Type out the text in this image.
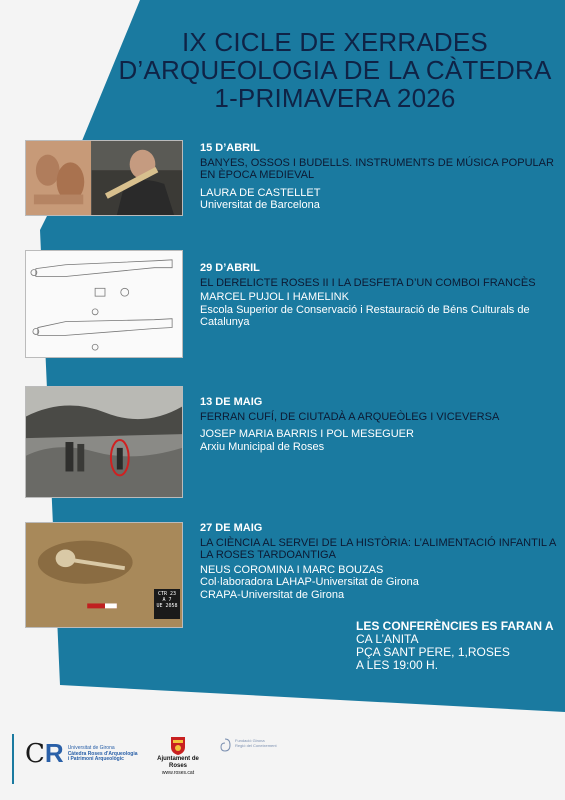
IX CICLE DE XERRADES
D’ARQUEOLOGIA DE LA CÀTEDRA
1-PRIMAVERA 2026
CTR 23
A 7
UE 2058
15 D’ABRIL
BANYES, OSSOS I BUDELLS. INSTRUMENTS DE MÚSICA POPULAR EN ÈPOCA MEDIEVAL
LAURA DE CASTELLET
Universitat de Barcelona
29 D’ABRIL
EL DERELICTE ROSES II I LA DESFETA D’UN COMBOI FRANCÈS
MARCEL PUJOL I HAMELINK
Escola Superior de Conservació i Restauració de Béns Culturals de Catalunya
13 DE MAIG
FERRAN CUFÍ, DE CIUTADÀ A ARQUEÒLEG I VICEVERSA
JOSEP MARIA BARRIS I POL MESEGUER
Arxiu Municipal de Roses
27 DE MAIG
LA CIÈNCIA AL SERVEI DE LA HISTÒRIA: L’ALIMENTACIÓ INFANTIL A LA ROSES TARDOANTIGA
NEUS COROMINA I MARC BOUZAS
Col·laboradora LAHAP-Universitat de Girona
CRAPA-Universitat de Girona
LES CONFERÈNCIES ES FARAN A
CA L’ANITA
PÇA SANT PERE, 1,ROSES
A LES 19:00 H.
CR Universitat de Girona
Càtedra Roses d'Arqueologia
i Patrimoni Arqueològic	Ajuntament de Roses
www.roses.cat
Fundació Girona
Regió del Coneixement
